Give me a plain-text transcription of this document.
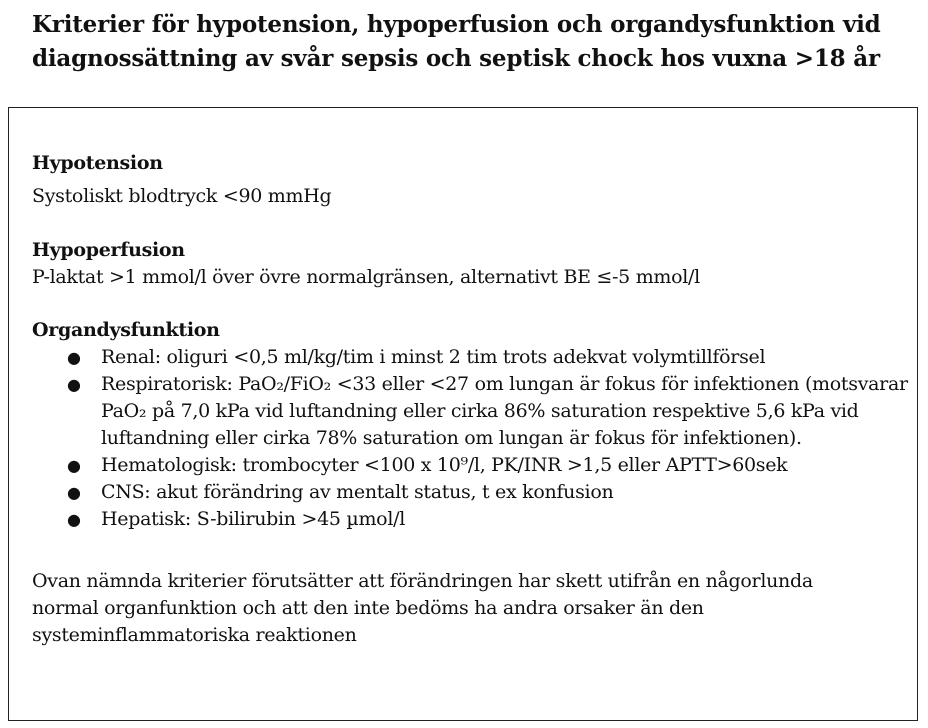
Kriterier för hypotension, hypoperfusion och organdysfunktion vid diagnossättning av svår sepsis och septisk chock hos vuxna >18 år

Hypotension

Systoliskt blodtryck <90 mmHg

Hypoperfusion

P-laktat >1 mmol/l över övre normalgränsen, alternativt BE ≤-5 mmol/l

Organdysfunktion

● Renal: oliguri <0,5 ml/kg/tim i minst 2 tim trots adekvat volymtillförsel
● Respiratorisk: PaO₂/FiO₂ <33 eller <27 om lungan är fokus för infektionen (motsvarar PaO₂ på 7,0 kPa vid luftandning eller cirka 86% saturation respektive 5,6 kPa vid luftandning eller cirka 78% saturation om lungan är fokus för infektionen).
● Hematologisk: trombocyter <100 x 10⁹/l, PK/INR >1,5 eller APTT>60sek
● CNS: akut förändring av mentalt status, t ex konfusion
● Hepatisk: S-bilirubin >45 µmol/l

Ovan nämnda kriterier förutsätter att förändringen har skett utifrån en någorlunda normal organfunktion och att den inte bedöms ha andra orsaker än den systeminflammatoriska reaktionen
